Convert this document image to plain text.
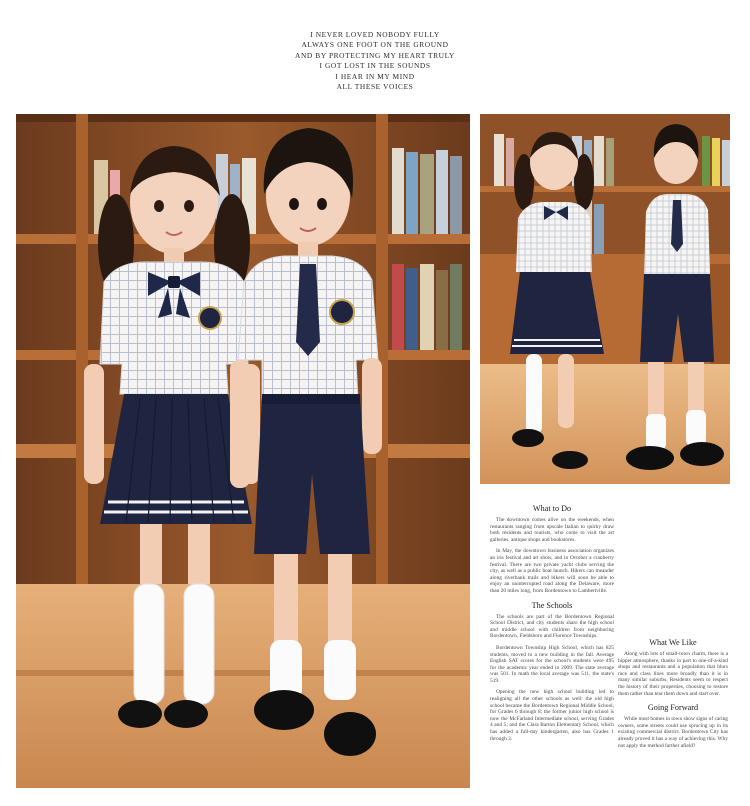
I NEVER LOVED NOBODY FULLY
ALWAYS ONE FOOT ON THE GROUND
AND BY PROTECTING MY HEART TRULY
I GOT LOST IN THE SOUNDS
I HEAR IN MY MIND
ALL THESE VOICES
What to Do

The downtown comes alive on the weekends, when restaurants ranging from upscale Italian to quirky draw both residents and tourists, who come to visit the art galleries, antique shops and bookstores.

In May, the downtown business association organizes an iris festival and art show, and in October a cranberry festival. There are two private yacht clubs serving the city, as well as a public boat launch. Hikers can meander along riverbank trails and bikers will soon be able to enjoy an uninterrupted road along the Delaware, more than 20 miles long, from Bordentown to Lambertville.

The Schools

The schools are part of the Bordentown Regional School District, and city students share the high school and middle school with children from neighboring Bordentown, Fieldsboro and Florence Townships.

Bordentown Township High School, which has 825 students, moved to a new building in the fall. Average English SAT scores for the school's students were 495 for the academic year ended in 2009. The state average was 501. In math the local average was 511, the state's 519.

Opening the new high school building led to realigning all the other schools as well: the old high school became the Bordentown Regional Middle School, for Grades 6 through 8; the former junior high school is now the McFarland Intermediate school, serving Grades 4 and 5; and the Clara Barton Elementary School, which has added a full-day kindergarten, also has Grades 1 through 3.

What We Like

Along with lots of small-town charm, there is a hipper atmosphere, thanks in part to one-of-a-kind shops and restaurants and a population that blurs race and class lines more broadly than it is in many similar suburbs. Residents seem to respect the history of their properties, choosing to restore them rather than tear them down and start over.

Going Forward

While most homes in town show signs of caring owners, some streets could use sprucing up in its existing commercial district. Bordentown City has already proved it has a way of achieving this. Why not apply the method farther afield?
